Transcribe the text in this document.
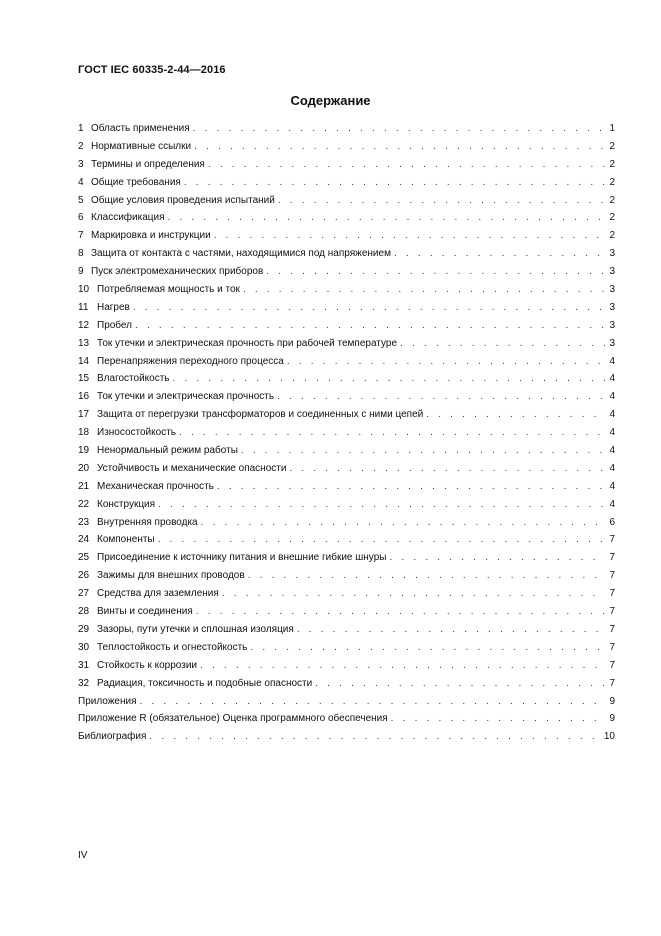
ГОСТ IEC 60335-2-44—2016
Содержание
1 Область применения . . .	1
2 Нормативные ссылки . . .	2
3 Термины и определения . . .	2
4 Общие требования . . .	2
5 Общие условия проведения испытаний . . .	2
6 Классификация . . .	2
7 Маркировка и инструкции . . .	2
8 Защита от контакта с частями, находящимися под напряжением . . .	3
9 Пуск электромеханических приборов . . .	3
10 Потребляемая мощность и ток . . .	3
11 Нагрев . . .	3
12 Пробел . . .	3
13 Ток утечки и электрическая прочность при рабочей температуре . . .	3
14 Перенапряжения переходного процесса . . .	4
15 Влагостойкость . . .	4
16 Ток утечки и электрическая прочность . . .	4
17 Защита от перегрузки трансформаторов и соединенных с ними цепей . . .	4
18 Износостойкость . . .	4
19 Ненормальный режим работы . . .	4
20 Устойчивость и механические опасности . . .	4
21 Механическая прочность . . .	4
22 Конструкция . . .	4
23 Внутренняя проводка . . .	6
24 Компоненты . . .	7
25 Присоединение к источнику питания и внешние гибкие шнуры . . .	7
26 Зажимы для внешних проводов . . .	7
27 Средства для заземления . . .	7
28 Винты и соединения . . .	7
29 Зазоры, пути утечки и сплошная изоляция . . .	7
30 Теплостойкость и огнестойкость . . .	7
31 Стойкость к коррозии . . .	7
32 Радиация, токсичность и подобные опасности . . .	7
Приложения . . .	9
Приложение R (обязательное) Оценка программного обеспечения . . .	9
Библиография . . .	10
IV
